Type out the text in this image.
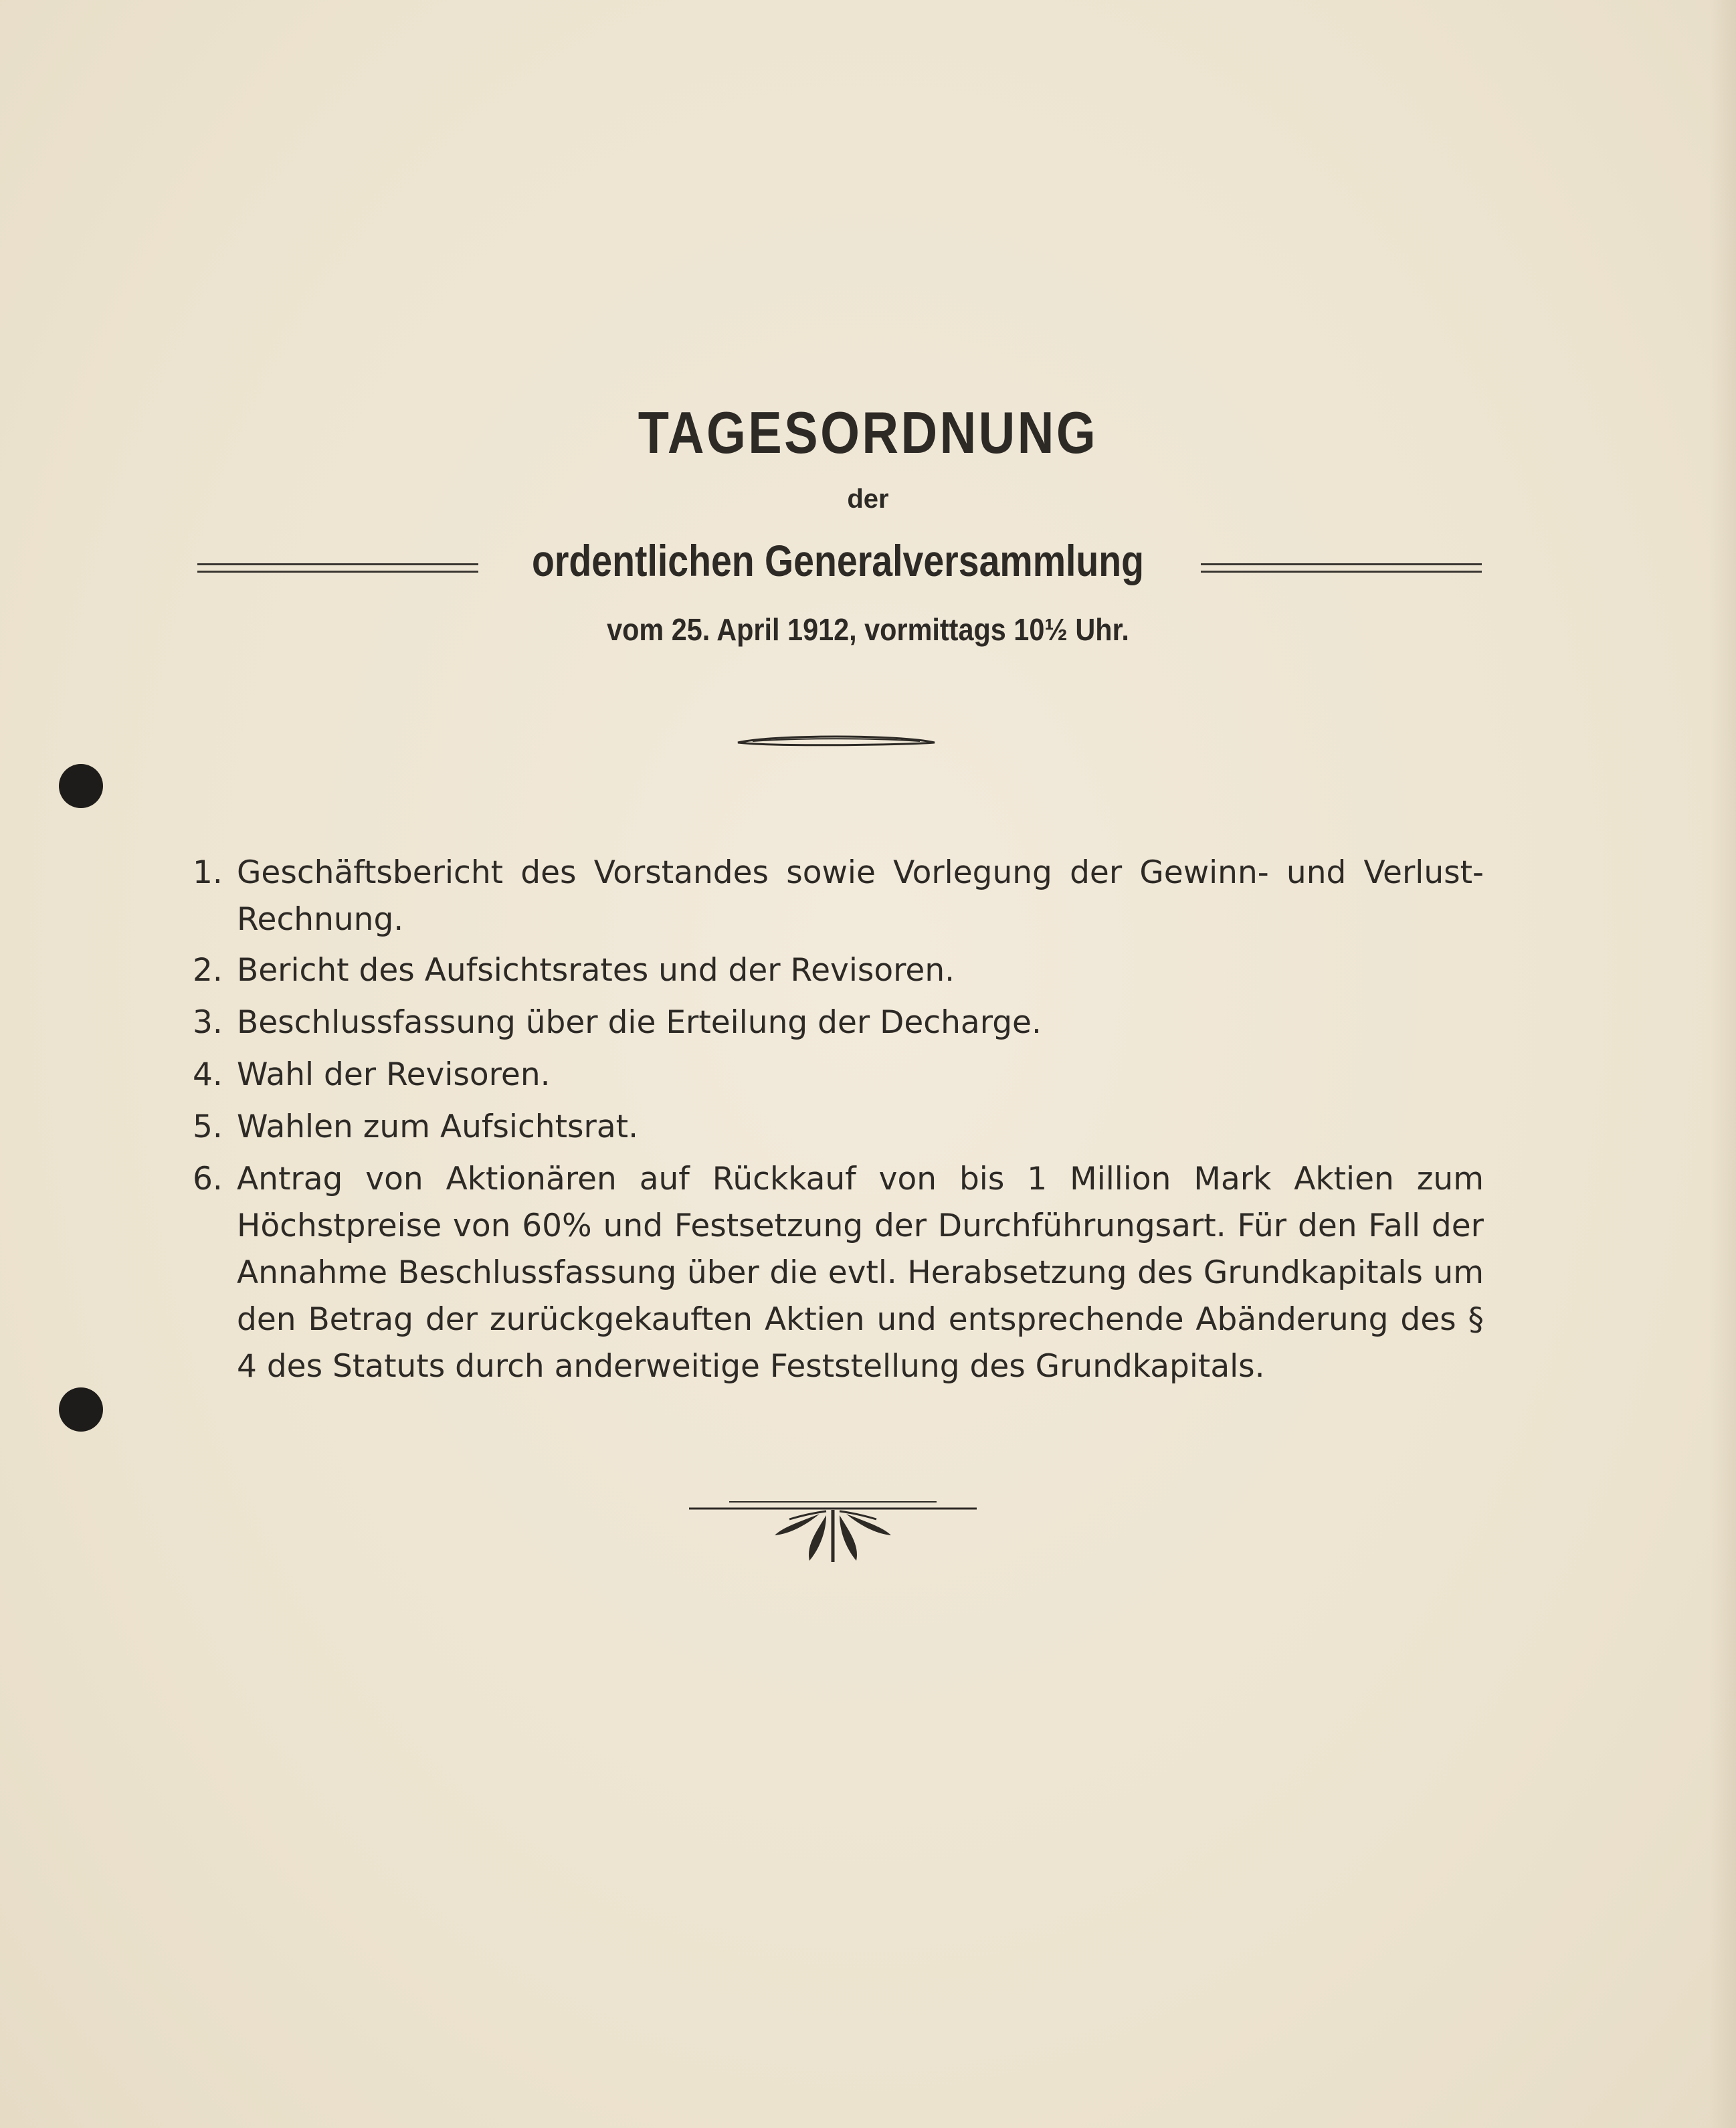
TAGESORDNUNG
der
ordentlichen Generalversammlung
vom 25. April 1912, vormittags 10½ Uhr.
1. Geschäftsbericht des Vorstandes sowie Vorlegung der Gewinn- und Verlust-Rechnung.
2. Bericht des Aufsichtsrates und der Revisoren.
3. Beschlussfassung über die Erteilung der Decharge.
4. Wahl der Revisoren.
5. Wahlen zum Aufsichtsrat.
6. Antrag von Aktionären auf Rückkauf von bis 1 Million Mark Aktien zum Höchstpreise von 60% und Festsetzung der Durchführungsart. Für den Fall der Annahme Beschlussfassung über die evtl. Herabsetzung des Grundkapitals um den Betrag der zurückgekauften Aktien und entsprechende Abänderung des § 4 des Statuts durch anderweitige Feststellung des Grundkapitals.
